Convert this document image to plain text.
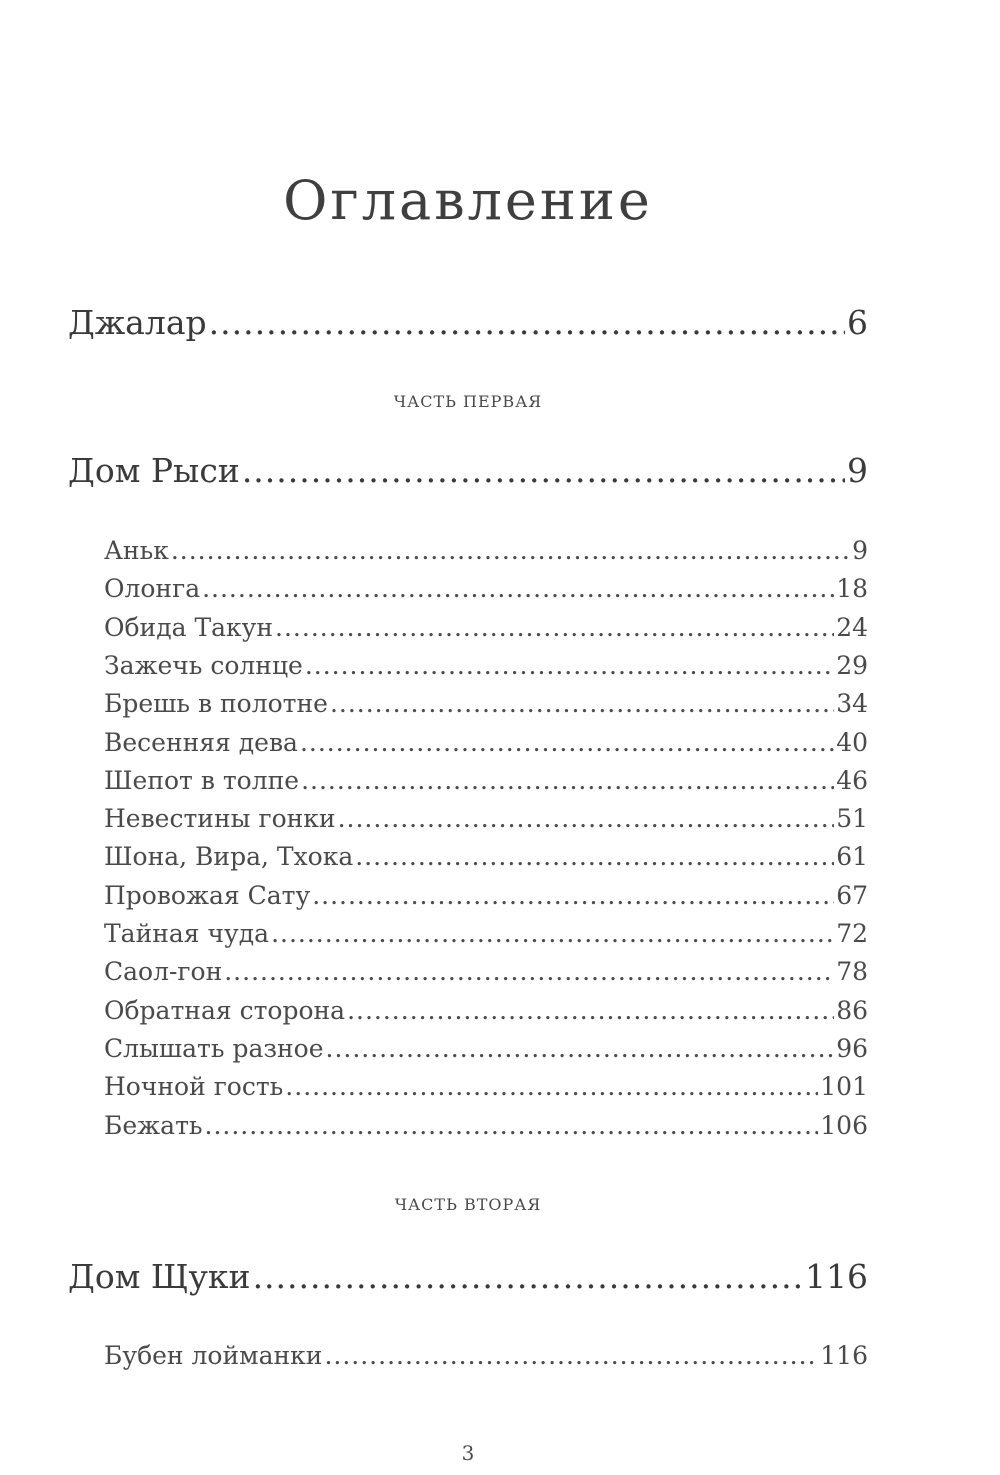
Оглавление
Джалар .....	6
ЧАСТЬ ПЕРВАЯ
Дом Рыси .....	9
Аньк .....	9
Олонга .....	18
Обида Такун .....	24
Зажечь солнце .....	29
Брешь в полотне .....	34
Весенняя дева .....	40
Шепот в толпе .....	46
Невестины гонки .....	51
Шона, Вира, Тхока .....	61
Провожая Сату .....	67
Тайная чуда .....	72
Саол-гон .....	78
Обратная сторона .....	86
Слышать разное .....	96
Ночной гость .....	101
Бежать .....	106
ЧАСТЬ ВТОРАЯ
Дом Щуки .....	116
Бубен лойманки .....	116
3
